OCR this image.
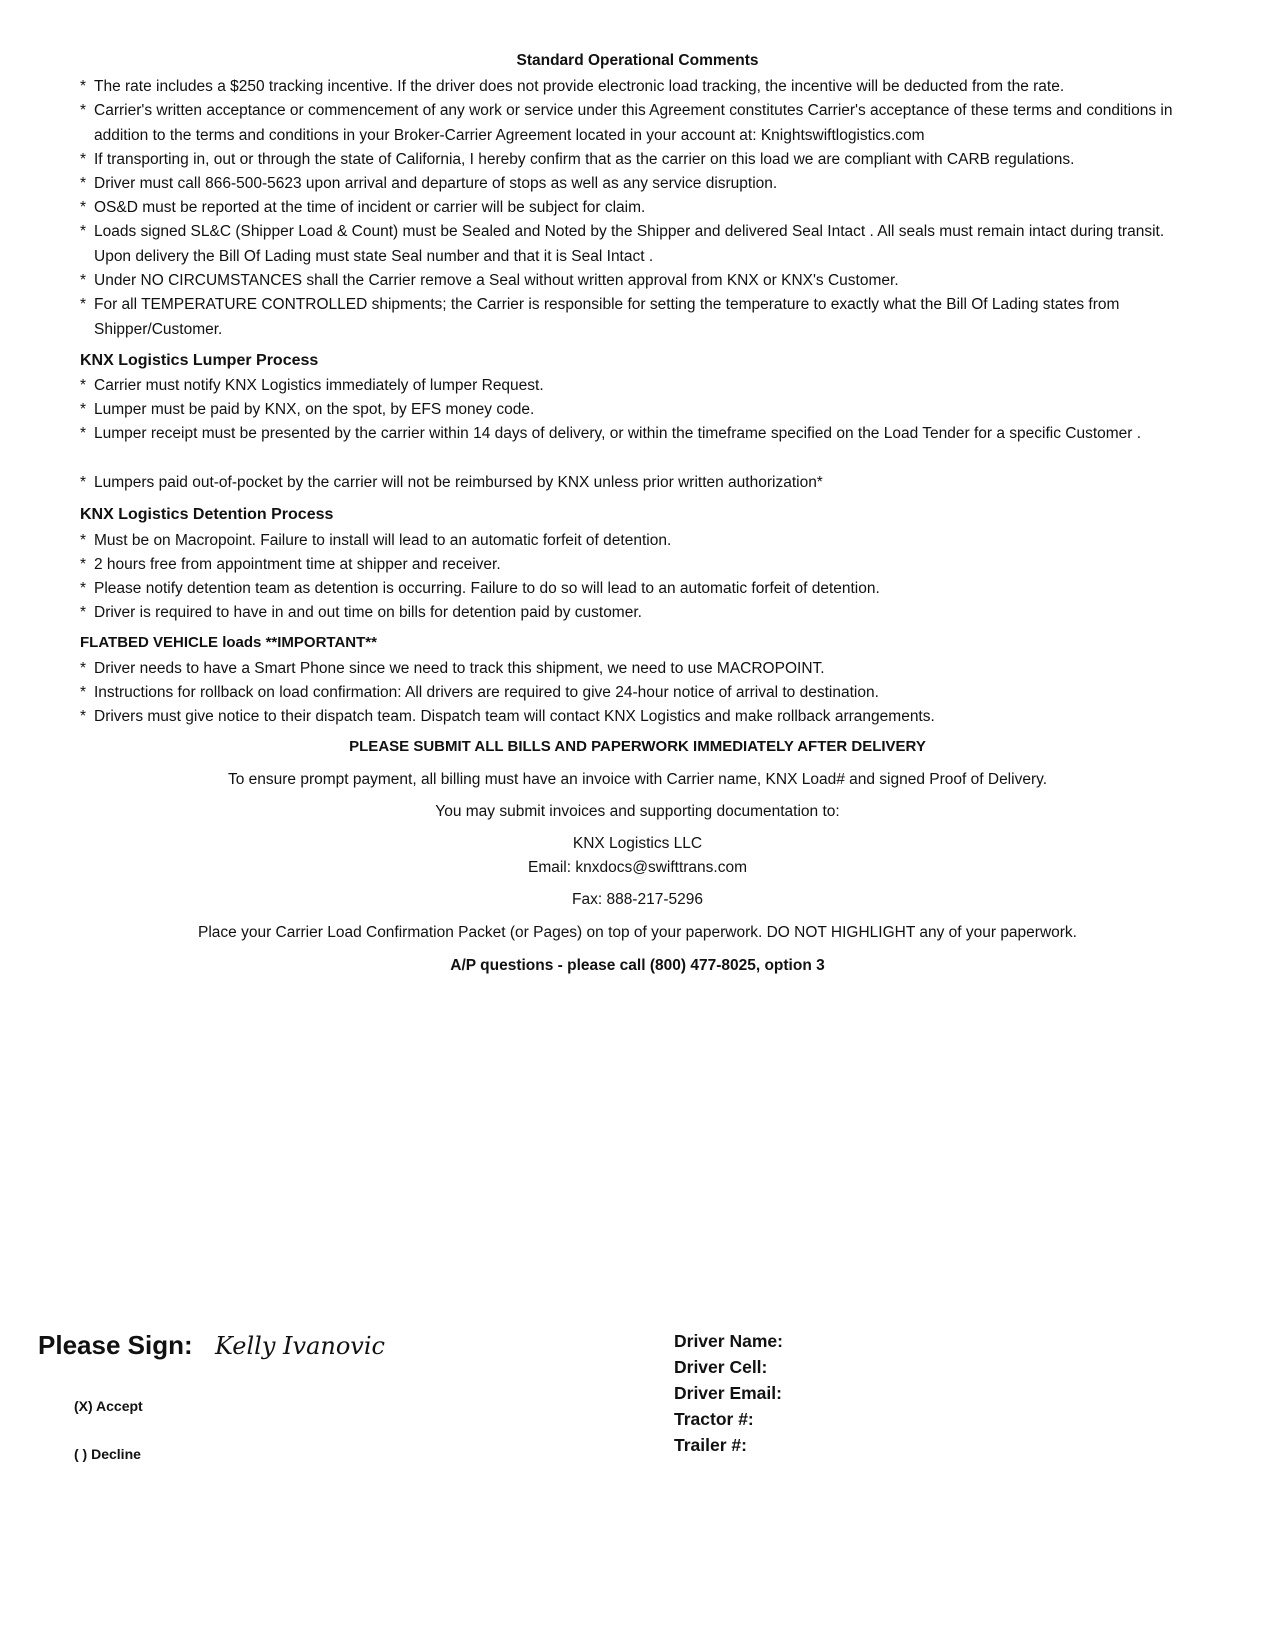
Standard Operational Comments
* The rate includes a $250 tracking incentive. If the driver does not provide electronic load tracking, the incentive will be deducted from the rate.
* Carrier's written acceptance or commencement of any work or service under this Agreement constitutes Carrier's acceptance of these terms and conditions in addition to the terms and conditions in your Broker-Carrier Agreement located in your account at: Knightswiftlogistics.com
* If transporting in, out or through the state of California, I hereby confirm that as the carrier on this load we are compliant with CARB regulations.
* Driver must call 866-500-5623 upon arrival and departure of stops as well as any service disruption.
* OS&D must be reported at the time of incident or carrier will be subject for claim.
* Loads signed SL&C (Shipper Load & Count) must be Sealed and Noted by the Shipper and delivered Seal Intact . All seals must remain intact during transit. Upon delivery the Bill Of Lading must state Seal number and that it is Seal Intact .
* Under NO CIRCUMSTANCES shall the Carrier remove a Seal without written approval from KNX or KNX's Customer.
* For all TEMPERATURE CONTROLLED shipments; the Carrier is responsible for setting the temperature to exactly what the Bill Of Lading states from Shipper/Customer.
KNX Logistics Lumper Process
* Carrier must notify KNX Logistics immediately of lumper Request.
* Lumper must be paid by KNX, on the spot, by EFS money code.
* Lumper receipt must be presented by the carrier within 14 days of delivery, or within the timeframe specified on the Load Tender for a specific Customer .
* Lumpers paid out-of-pocket by the carrier will not be reimbursed by KNX unless prior written authorization*
KNX Logistics Detention Process
* Must be on Macropoint. Failure to install will lead to an automatic forfeit of detention.
* 2 hours free from appointment time at shipper and receiver.
* Please notify detention team as detention is occurring. Failure to do so will lead to an automatic forfeit of detention.
* Driver is required to have in and out time on bills for detention paid by customer.
FLATBED VEHICLE loads **IMPORTANT**
* Driver needs to have a Smart Phone since we need to track this shipment, we need to use MACROPOINT.
* Instructions for rollback on load confirmation: All drivers are required to give 24-hour notice of arrival to destination.
* Drivers must give notice to their dispatch team. Dispatch team will contact KNX Logistics and make rollback arrangements.
PLEASE SUBMIT ALL BILLS AND PAPERWORK IMMEDIATELY AFTER DELIVERY
To ensure prompt payment, all billing must have an invoice with Carrier name, KNX Load# and signed Proof of Delivery.
You may submit invoices and supporting documentation to:
KNX Logistics LLC
Email: knxdocs@swifttrans.com
Fax: 888-217-5296
Place your Carrier Load Confirmation Packet (or Pages) on top of your paperwork. DO NOT HIGHLIGHT any of your paperwork.
A/P questions - please call (800) 477-8025, option 3
Please Sign: Kelly Ivanovic
(X) Accept
( ) Decline
Driver Name:
Driver Cell:
Driver Email:
Tractor #:
Trailer #:
